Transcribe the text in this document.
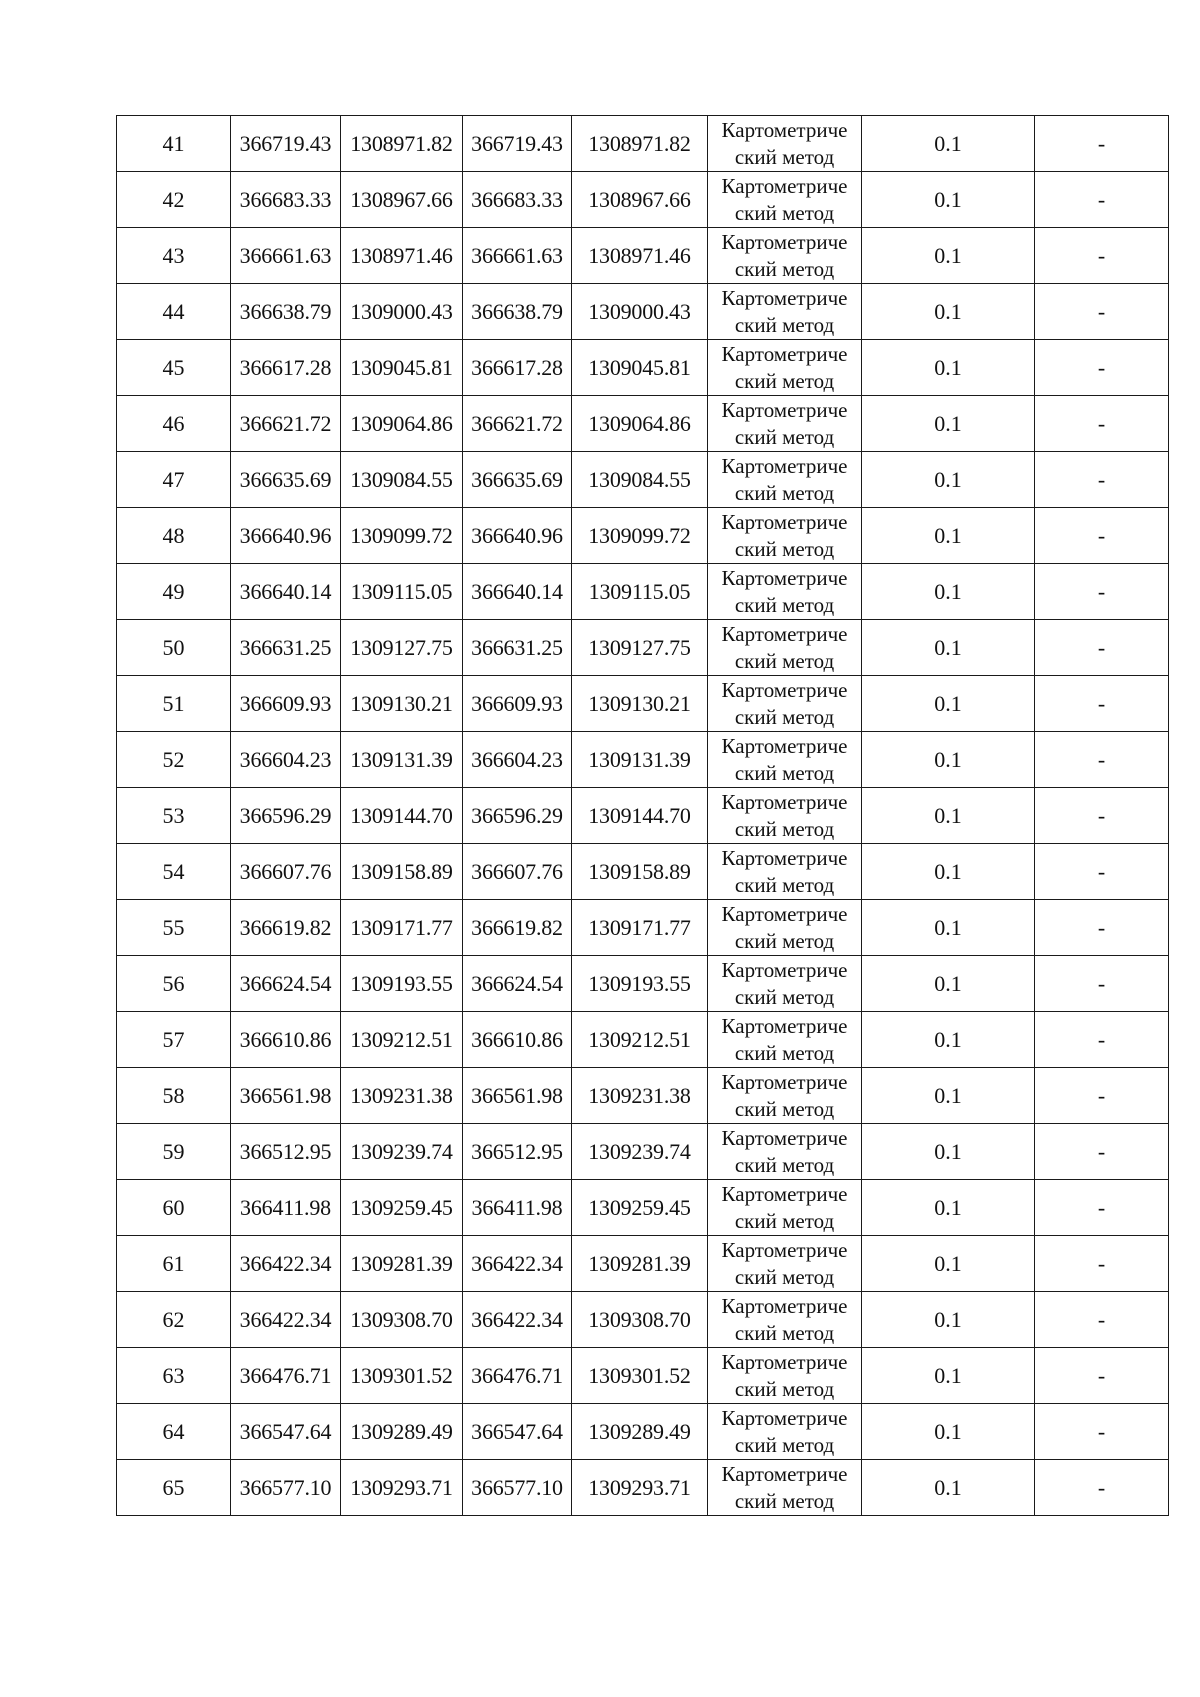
41	366719.43	1308971.82	366719.43	1308971.82	Картометриче
ский метод	0.1	-
42	366683.33	1308967.66	366683.33	1308967.66	Картометриче
ский метод	0.1	-
43	366661.63	1308971.46	366661.63	1308971.46	Картометриче
ский метод	0.1	-
44	366638.79	1309000.43	366638.79	1309000.43	Картометриче
ский метод	0.1	-
45	366617.28	1309045.81	366617.28	1309045.81	Картометриче
ский метод	0.1	-
46	366621.72	1309064.86	366621.72	1309064.86	Картометриче
ский метод	0.1	-
47	366635.69	1309084.55	366635.69	1309084.55	Картометриче
ский метод	0.1	-
48	366640.96	1309099.72	366640.96	1309099.72	Картометриче
ский метод	0.1	-
49	366640.14	1309115.05	366640.14	1309115.05	Картометриче
ский метод	0.1	-
50	366631.25	1309127.75	366631.25	1309127.75	Картометриче
ский метод	0.1	-
51	366609.93	1309130.21	366609.93	1309130.21	Картометриче
ский метод	0.1	-
52	366604.23	1309131.39	366604.23	1309131.39	Картометриче
ский метод	0.1	-
53	366596.29	1309144.70	366596.29	1309144.70	Картометриче
ский метод	0.1	-
54	366607.76	1309158.89	366607.76	1309158.89	Картометриче
ский метод	0.1	-
55	366619.82	1309171.77	366619.82	1309171.77	Картометриче
ский метод	0.1	-
56	366624.54	1309193.55	366624.54	1309193.55	Картометриче
ский метод	0.1	-
57	366610.86	1309212.51	366610.86	1309212.51	Картометриче
ский метод	0.1	-
58	366561.98	1309231.38	366561.98	1309231.38	Картометриче
ский метод	0.1	-
59	366512.95	1309239.74	366512.95	1309239.74	Картометриче
ский метод	0.1	-
60	366411.98	1309259.45	366411.98	1309259.45	Картометриче
ский метод	0.1	-
61	366422.34	1309281.39	366422.34	1309281.39	Картометриче
ский метод	0.1	-
62	366422.34	1309308.70	366422.34	1309308.70	Картометриче
ский метод	0.1	-
63	366476.71	1309301.52	366476.71	1309301.52	Картометриче
ский метод	0.1	-
64	366547.64	1309289.49	366547.64	1309289.49	Картометриче
ский метод	0.1	-
65	366577.10	1309293.71	366577.10	1309293.71	Картометриче
ский метод	0.1	-
